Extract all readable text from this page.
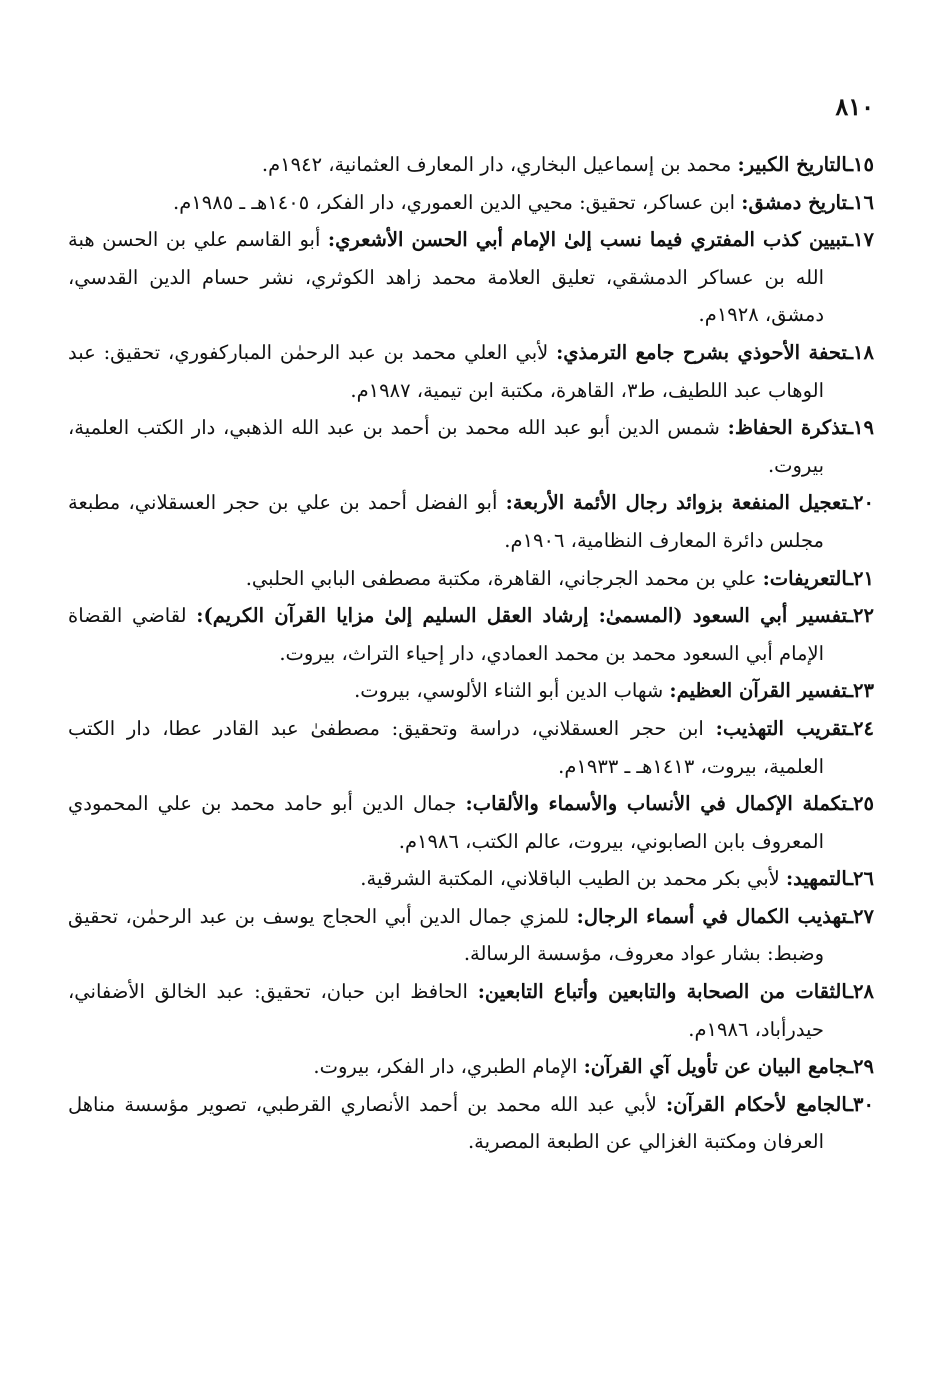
٨١٠
١٥ـالتاريخ الكبير: محمد بن إسماعيل البخاري، دار المعارف العثمانية، ١٩٤٢م.
١٦ـتاريخ دمشق: ابن عساكر، تحقيق: محيي الدين العموري، دار الفكر، ١٤٠٥هـ ـ ١٩٨٥م.
١٧ـتبيين كذب المفتري فيما نسب إلىٰ الإمام أبي الحسن الأشعري: أبو القاسم علي بن الحسن هبة الله بن عساكر الدمشقي، تعليق العلامة محمد زاهد الكوثري، نشر حسام الدين القدسي، دمشق، ١٩٢٨م.
١٨ـتحفة الأحوذي بشرح جامع الترمذي: لأبي العلي محمد بن عبد الرحمٰن المباركفوري، تحقيق: عبد الوهاب عبد اللطيف، ط٣، القاهرة، مكتبة ابن تيمية، ١٩٨٧م.
١٩ـتذكرة الحفاظ: شمس الدين أبو عبد الله محمد بن أحمد بن عبد الله الذهبي، دار الكتب العلمية، بيروت.
٢٠ـتعجيل المنفعة بزوائد رجال الأئمة الأربعة: أبو الفضل أحمد بن علي بن حجر العسقلاني، مطبعة مجلس دائرة المعارف النظامية، ١٩٠٦م.
٢١ـالتعريفات: علي بن محمد الجرجاني، القاهرة، مكتبة مصطفى البابي الحلبي.
٢٢ـتفسير أبي السعود (المسمىٰ: إرشاد العقل السليم إلىٰ مزايا القرآن الكريم): لقاضي القضاة الإمام أبي السعود محمد بن محمد العمادي، دار إحياء التراث، بيروت.
٢٣ـتفسير القرآن العظيم: شهاب الدين أبو الثناء الألوسي، بيروت.
٢٤ـتقريب التهذيب: ابن حجر العسقلاني، دراسة وتحقيق: مصطفىٰ عبد القادر عطا، دار الكتب العلمية، بيروت، ١٤١٣هـ ـ ١٩٣٣م.
٢٥ـتكملة الإكمال في الأنساب والأسماء والألقاب: جمال الدين أبو حامد محمد بن علي المحمودي المعروف بابن الصابوني، بيروت، عالم الكتب، ١٩٨٦م.
٢٦ـالتمهيد: لأبي بكر محمد بن الطيب الباقلاني، المكتبة الشرقية.
٢٧ـتهذيب الكمال في أسماء الرجال: للمزي جمال الدين أبي الحجاج يوسف بن عبد الرحمٰن، تحقيق وضبط: بشار عواد معروف، مؤسسة الرسالة.
٢٨ـالثقات من الصحابة والتابعين وأتباع التابعين: الحافظ ابن حبان، تحقيق: عبد الخالق الأضفاني، حيدرأباد، ١٩٨٦م.
٢٩ـجامع البيان عن تأويل آي القرآن: الإمام الطبري، دار الفكر، بيروت.
٣٠ـالجامع لأحكام القرآن: لأبي عبد الله محمد بن أحمد الأنصاري القرطبي، تصوير مؤسسة مناهل العرفان ومكتبة الغزالي عن الطبعة المصرية.
